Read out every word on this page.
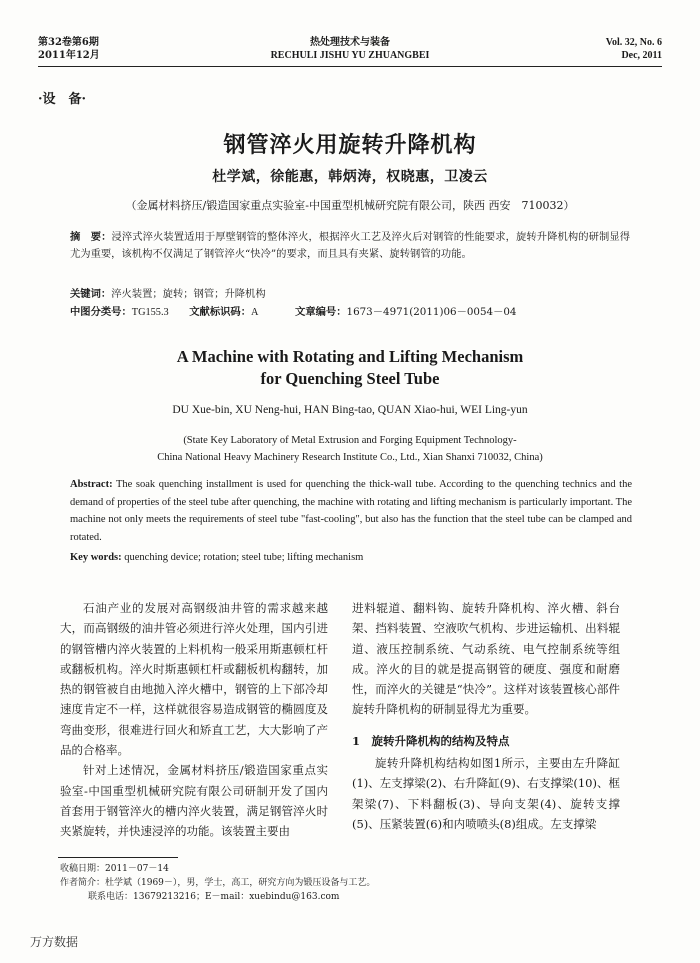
第32卷第6期
2011年12月
热处理技术与装备
RECHULI JISHU YU ZHUANGBEI
Vol. 32, No. 6
Dec, 2011
·设　备·
钢管淬火用旋转升降机构
杜学斌，徐能惠，韩炳涛，权晓惠，卫凌云
（金属材料挤压/锻造国家重点实验室-中国重型机械研究院有限公司，陕西 西安　710032）
摘　要：浸淬式淬火装置适用于厚壁钢管的整体淬火，根据淬火工艺及淬火后对钢管的性能要求，旋转升降机构的研制显得尤为重要，该机构不仅满足了钢管淬火“快冷”的要求，而且具有夹紧、旋转钢管的功能。
关键词：淬火装置；旋转；钢管；升降机构
中图分类号：TG155.3 文献标识码：A	文章编号：1673－4971(2011)06－0054－04
A Machine with Rotating and Lifting Mechanism
for Quenching Steel Tube
DU Xue-bin, XU Neng-hui, HAN Bing-tao, QUAN Xiao-hui, WEI Ling-yun
(State Key Laboratory of Metal Extrusion and Forging Equipment Technology-
China National Heavy Machinery Research Institute Co., Ltd., Xian Shanxi 710032, China)
Abstract: The soak quenching installment is used for quenching the thick-wall tube. According to the quenching technics and the demand of properties of the steel tube after quenching, the machine with rotating and lifting mechanism is particularly important. The machine not only meets the requirements of steel tube "fast-cooling", but also has the function that the steel tube can be clamped and rotated.
Key words: quenching device; rotation; steel tube; lifting mechanism

石油产业的发展对高钢级油井管的需求越来越大，而高钢级的油井管必须进行淬火处理，国内引进的钢管槽内淬火装置的上料机构一般采用斯惠顿杠杆或翻板机构。淬火时斯惠顿杠杆或翻板机构翻转，加热的钢管被自由地抛入淬火槽中，钢管的上下部冷却速度肯定不一样，这样就很容易造成钢管的椭圆度及弯曲变形，很难进行回火和矫直工艺，大大影响了产品的合格率。

针对上述情况，金属材料挤压/锻造国家重点实验室-中国重型机械研究院有限公司研制开发了国内首套用于钢管淬火的槽内淬火装置，满足钢管淬火时夹紧旋转，并快速浸淬的功能。该装置主要由

进料辊道、翻料钩、旋转升降机构、淬火槽、斜台架、挡料装置、空液吹气机构、步进运输机、出料辊道、液压控制系统、气动系统、电气控制系统等组成。淬火的目的就是提高钢管的硬度、强度和耐磨性，而淬火的关键是“快冷”。这样对该装置核心部件旋转升降机构的研制显得尤为重要。

1　旋转升降机构的结构及特点

旋转升降机构结构如图1所示，主要由左升降缸(1)、左支撑梁(2)、右升降缸(9)、右支撑梁(10)、框架梁(7)、下料翻板(3)、导向支架(4)、旋转支撑(5)、压紧装置(6)和内喷喷头(8)组成。左支撑梁

收稿日期：2011－07－14
作者简介：杜学斌（1969－），男，学士，高工，研究方向为锻压设备与工艺。
联系电话：13679213216；E－mail：xuebindu@163.com
万方数据
